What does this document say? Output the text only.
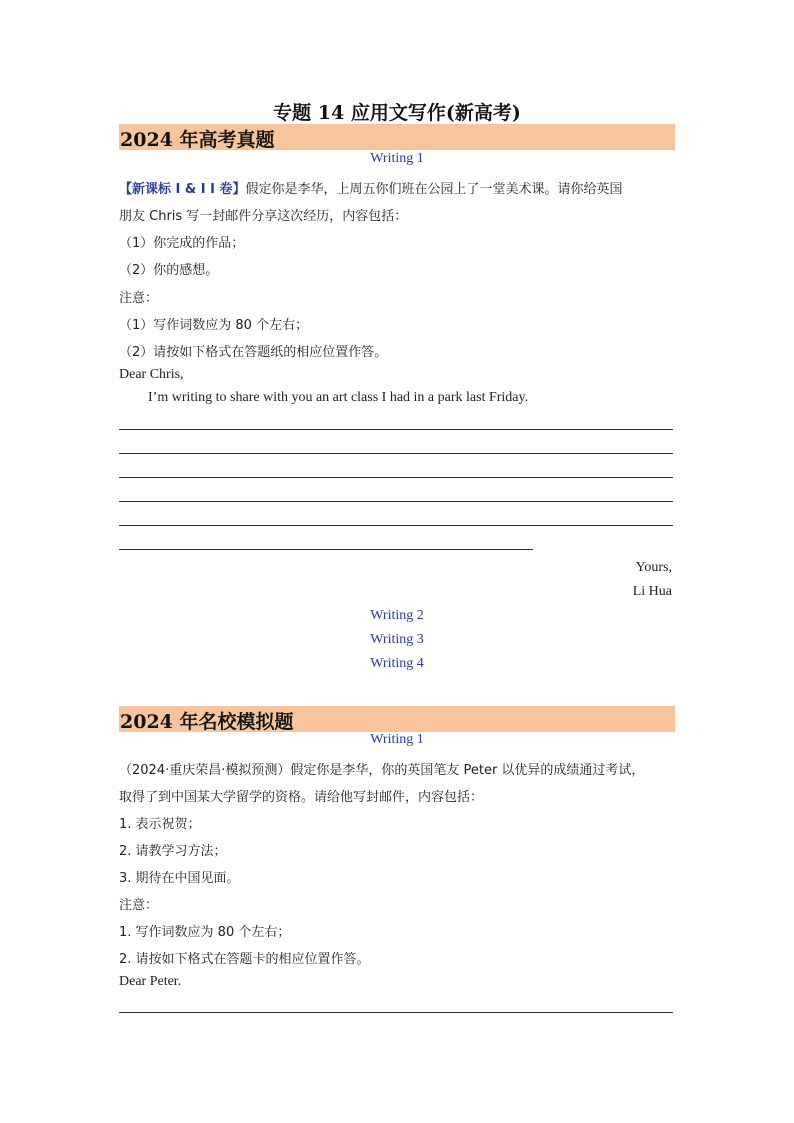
专题 14 应用文写作(新高考)
2024 年高考真题
Writing 1
【新课标 I & I I 卷】假定你是李华，上周五你们班在公园上了一堂美术课。请你给英国
朋友 Chris 写一封邮件分享这次经历，内容包括：
（1）你完成的作品；
（2）你的感想。
注意：
（1）写作词数应为 80 个左右；
（2）请按如下格式在答题纸的相应位置作答。
Dear Chris,
I’m writing to share with you an art class I had in a park last Friday.
Yours,
Li Hua
Writing 2
Writing 3
Writing 4
2024 年名校模拟题
Writing 1
（2024·重庆荣昌·模拟预测）假定你是李华，你的英国笔友 Peter 以优异的成绩通过考试，
取得了到中国某大学留学的资格。请给他写封邮件，内容包括：
1. 表示祝贺；
2. 请教学习方法；
3. 期待在中国见面。
注意：
1. 写作词数应为 80 个左右；
2. 请按如下格式在答题卡的相应位置作答。
Dear Peter.
